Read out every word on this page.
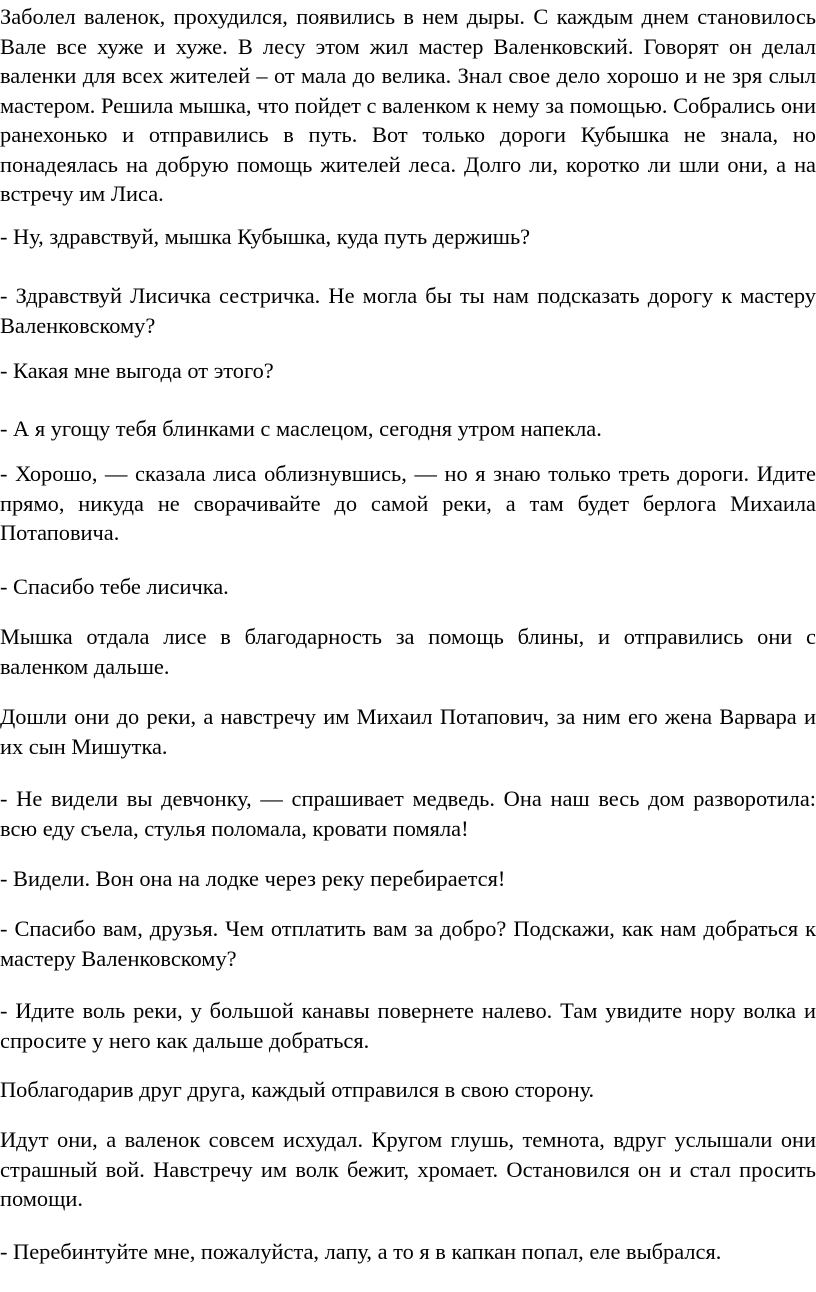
Заболел валенок, прохудился, появились в нем дыры. С каждым днем становилось Вале все хуже и хуже. В лесу этом жил мастер Валенковский. Говорят он делал валенки для всех жителей – от мала до велика. Знал свое дело хорошо и не зря слыл мастером. Решила мышка, что пойдет с валенком к нему за помощью. Собрались они ранехонько и отправились в путь. Вот только дороги Кубышка не знала, но понадеялась на добрую помощь жителей леса. Долго ли, коротко ли шли они, а на встречу им Лиса.

- Ну, здравствуй, мышка Кубышка, куда путь держишь?

- Здравствуй Лисичка сестричка. Не могла бы ты нам подсказать дорогу к мастеру Валенковскому?

- Какая мне выгода от этого?

- А я угощу тебя блинками с маслецом, сегодня утром напекла.

- Хорошо, — сказала лиса облизнувшись, — но я знаю только треть дороги. Идите прямо, никуда не сворачивайте до самой реки, а там будет берлога Михаила Потаповича.

- Спасибо тебе лисичка.

Мышка отдала лисе в благодарность за помощь блины, и отправились они с валенком дальше.

Дошли они до реки, а навстречу им Михаил Потапович, за ним его жена Варвара и их сын Мишутка.

- Не видели вы девчонку, — спрашивает медведь. Она наш весь дом разворотила: всю еду съела, стулья поломала, кровати помяла!

- Видели. Вон она на лодке через реку перебирается!

- Спасибо вам, друзья. Чем отплатить вам за добро? Подскажи, как нам добраться к мастеру Валенковскому?

- Идите воль реки, у большой канавы повернете налево. Там увидите нору волка и спросите у него как дальше добраться.

Поблагодарив друг друга, каждый отправился в свою сторону.

Идут они, а валенок совсем исхудал. Кругом глушь, темнота, вдруг услышали они страшный вой. Навстречу им волк бежит, хромает. Остановился он и стал просить помощи.

- Перебинтуйте мне, пожалуйста, лапу, а то я в капкан попал, еле выбрался.
